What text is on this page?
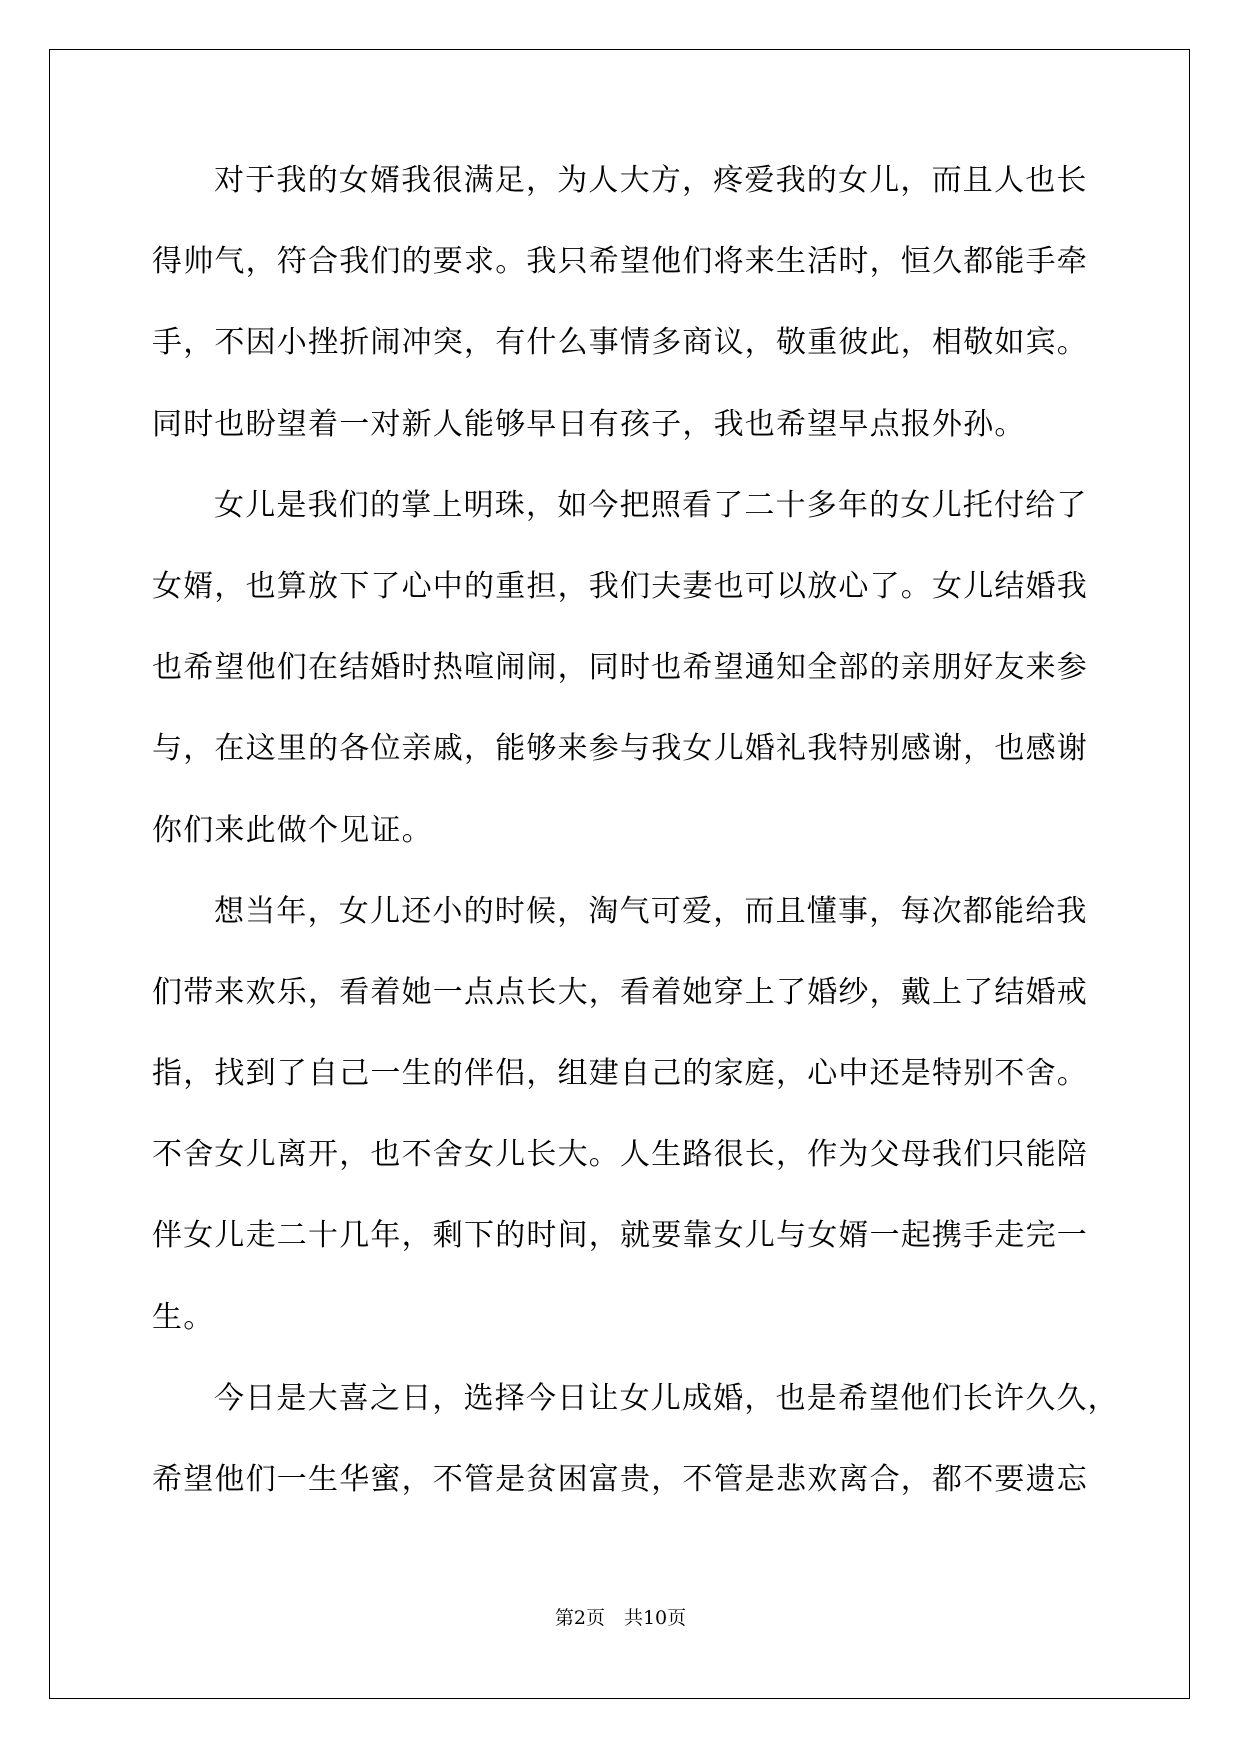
对于我的女婿我很满足，为人大方，疼爱我的女儿，而且人也长
得帅气，符合我们的要求。我只希望他们将来生活时，恒久都能手牵
手，不因小挫折闹冲突，有什么事情多商议，敬重彼此，相敬如宾。
同时也盼望着一对新人能够早日有孩子，我也希望早点报外孙。
女儿是我们的掌上明珠，如今把照看了二十多年的女儿托付给了
女婿，也算放下了心中的重担，我们夫妻也可以放心了。女儿结婚我
也希望他们在结婚时热喧闹闹，同时也希望通知全部的亲朋好友来参
与，在这里的各位亲戚，能够来参与我女儿婚礼我特别感谢，也感谢
你们来此做个见证。
想当年，女儿还小的时候，淘气可爱，而且懂事，每次都能给我
们带来欢乐，看着她一点点长大，看着她穿上了婚纱，戴上了结婚戒
指，找到了自己一生的伴侣，组建自己的家庭，心中还是特别不舍。
不舍女儿离开，也不舍女儿长大。人生路很长，作为父母我们只能陪
伴女儿走二十几年，剩下的时间，就要靠女儿与女婿一起携手走完一
生。
今日是大喜之日，选择今日让女儿成婚，也是希望他们长许久久，
希望他们一生华蜜，不管是贫困富贵，不管是悲欢离合，都不要遗忘
第2页　共10页
